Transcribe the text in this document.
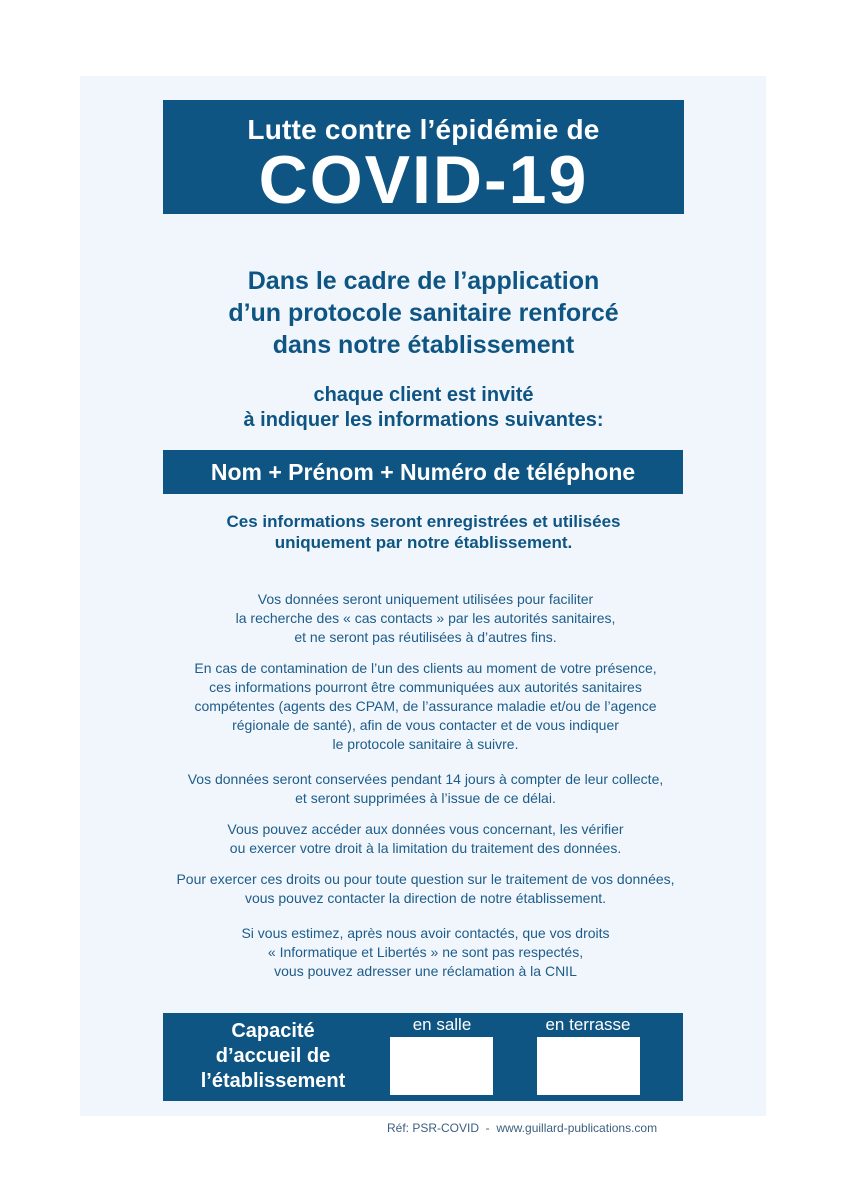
Lutte contre l’épidémie de
COVID-19
Dans le cadre de l’application
d’un protocole sanitaire renforcé
dans notre établissement
chaque client est invité
à indiquer les informations suivantes:
Nom + Prénom + Numéro de téléphone
Ces informations seront enregistrées et utilisées
uniquement par notre établissement.
Vos données seront uniquement utilisées pour faciliter
la recherche des « cas contacts » par les autorités sanitaires,
et ne seront pas réutilisées à d’autres fins.
En cas de contamination de l’un des clients au moment de votre présence,
ces informations pourront être communiquées aux autorités sanitaires
compétentes (agents des CPAM, de l’assurance maladie et/ou de l’agence
régionale de santé), afin de vous contacter et de vous indiquer
le protocole sanitaire à suivre.
Vos données seront conservées pendant 14 jours à compter de leur collecte,
et seront supprimées à l’issue de ce délai.
Vous pouvez accéder aux données vous concernant, les vérifier
ou exercer votre droit à la limitation du traitement des données.
Pour exercer ces droits ou pour toute question sur le traitement de vos données,
vous pouvez contacter la direction de notre établissement.
Si vous estimez, après nous avoir contactés, que vos droits
« Informatique et Libertés » ne sont pas respectés,
vous pouvez adresser une réclamation à la CNIL
Capacité
d’accueil de
l’établissement
en salle	en terrasse
Réf: PSR-COVID  -  www.guillard-publications.com
